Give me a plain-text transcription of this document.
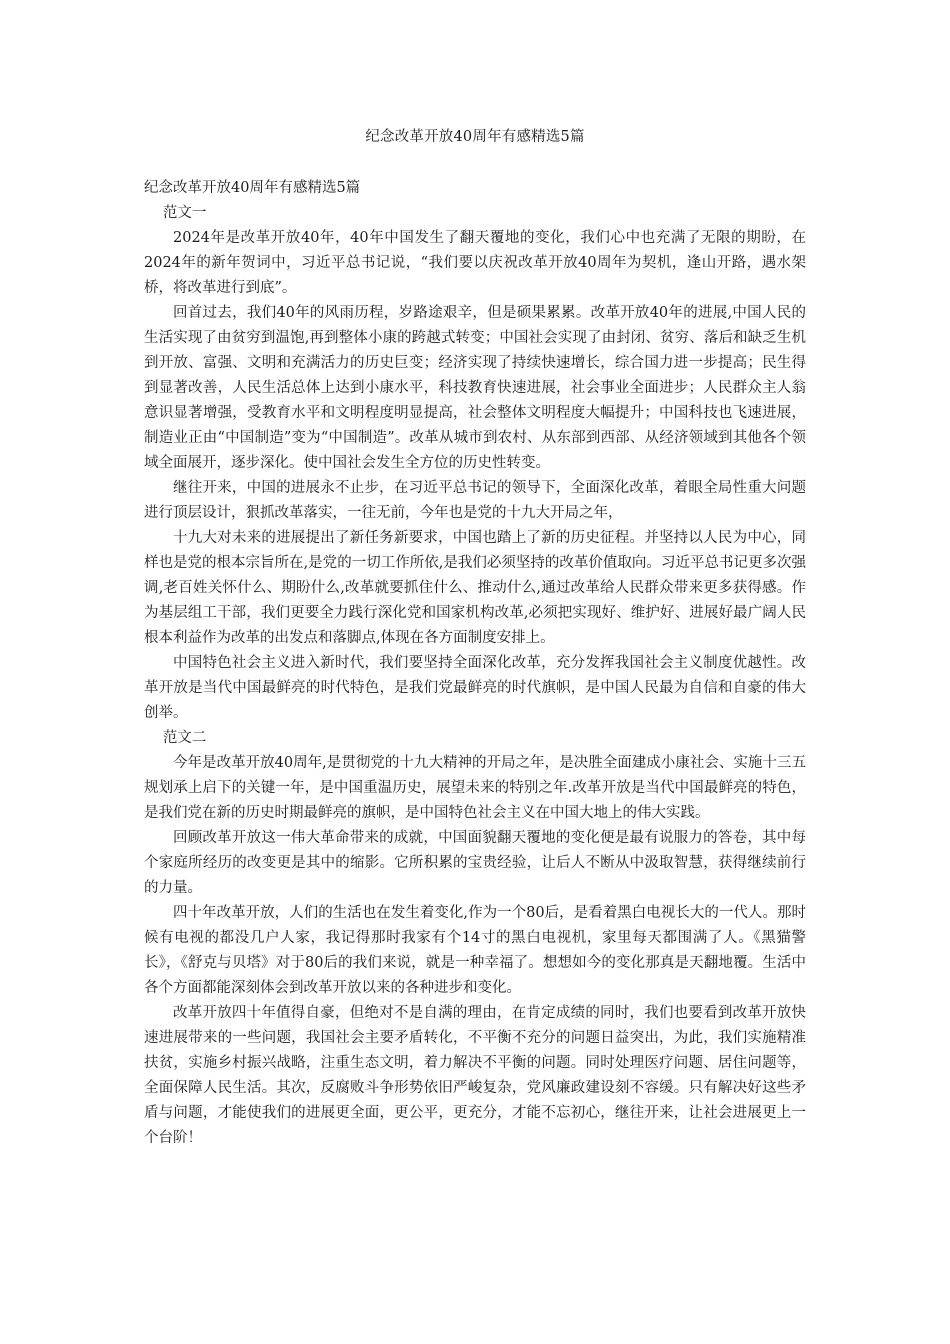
纪念改革开放40周年有感精选5篇

纪念改革开放40周年有感精选5篇

范文一

2024年是改革开放40年，40年中国发生了翻天覆地的变化，我们心中也充满了无限的期盼，在2024年的新年贺词中，习近平总书记说，“我们要以庆祝改革开放40周年为契机，逢山开路，遇水架桥，将改革进行到底”。

回首过去，我们40年的风雨历程，岁路途艰辛，但是硕果累累。改革开放40年的进展,中国人民的生活实现了由贫穷到温饱,再到整体小康的跨越式转变；中国社会实现了由封闭、贫穷、落后和缺乏生机到开放、富强、文明和充满活力的历史巨变；经济实现了持续快速增长，综合国力进一步提高；民生得到显著改善，人民生活总体上达到小康水平，科技教育快速进展，社会事业全面进步；人民群众主人翁意识显著增强，受教育水平和文明程度明显提高，社会整体文明程度大幅提升；中国科技也飞速进展，制造业正由“中国制造”变为“中国制造”。改革从城市到农村、从东部到西部、从经济领域到其他各个领域全面展开，逐步深化。使中国社会发生全方位的历史性转变。

继往开来，中国的进展永不止步，在习近平总书记的领导下，全面深化改革，着眼全局性重大问题进行顶层设计，狠抓改革落实，一往无前，今年也是党的十九大开局之年，

十九大对未来的进展提出了新任务新要求，中国也踏上了新的历史征程。并坚持以人民为中心，同样也是党的根本宗旨所在,是党的一切工作所依,是我们必须坚持的改革价值取向。习近平总书记更多次强调,老百姓关怀什么、期盼什么,改革就要抓住什么、推动什么,通过改革给人民群众带来更多获得感。作为基层组工干部，我们更要全力践行深化党和国家机构改革,必须把实现好、维护好、进展好最广阔人民根本利益作为改革的出发点和落脚点,体现在各方面制度安排上。

中国特色社会主义进入新时代，我们要坚持全面深化改革，充分发挥我国社会主义制度优越性。改革开放是当代中国最鲜亮的时代特色，是我们党最鲜亮的时代旗帜，是中国人民最为自信和自豪的伟大创举。

范文二

今年是改革开放40周年,是贯彻党的十九大精神的开局之年，是决胜全面建成小康社会、实施十三五规划承上启下的关键一年，是中国重温历史，展望未来的特别之年.改革开放是当代中国最鲜亮的特色，是我们党在新的历史时期最鲜亮的旗帜，是中国特色社会主义在中国大地上的伟大实践。

回顾改革开放这一伟大革命带来的成就，中国面貌翻天覆地的变化便是最有说服力的答卷，其中每个家庭所经历的改变更是其中的缩影。它所积累的宝贵经验，让后人不断从中汲取智慧，获得继续前行的力量。

四十年改革开放，人们的生活也在发生着变化,作为一个80后，是看着黑白电视长大的一代人。那时候有电视的都没几户人家，我记得那时我家有个14寸的黑白电视机，家里每天都围满了人。《黑猫警长》，《舒克与贝塔》对于80后的我们来说，就是一种幸福了。想想如今的变化那真是天翻地覆。生活中各个方面都能深刻体会到改革开放以来的各种进步和变化。

改革开放四十年值得自豪，但绝对不是自满的理由，在肯定成绩的同时，我们也要看到改革开放快速进展带来的一些问题，我国社会主要矛盾转化，不平衡不充分的问题日益突出，为此，我们实施精准扶贫，实施乡村振兴战略，注重生态文明，着力解决不平衡的问题。同时处理医疗问题、居住问题等，全面保障人民生活。其次，反腐败斗争形势依旧严峻复杂，党风廉政建设刻不容缓。只有解决好这些矛盾与问题，才能使我们的进展更全面，更公平，更充分，才能不忘初心，继往开来，让社会进展更上一个台阶！
